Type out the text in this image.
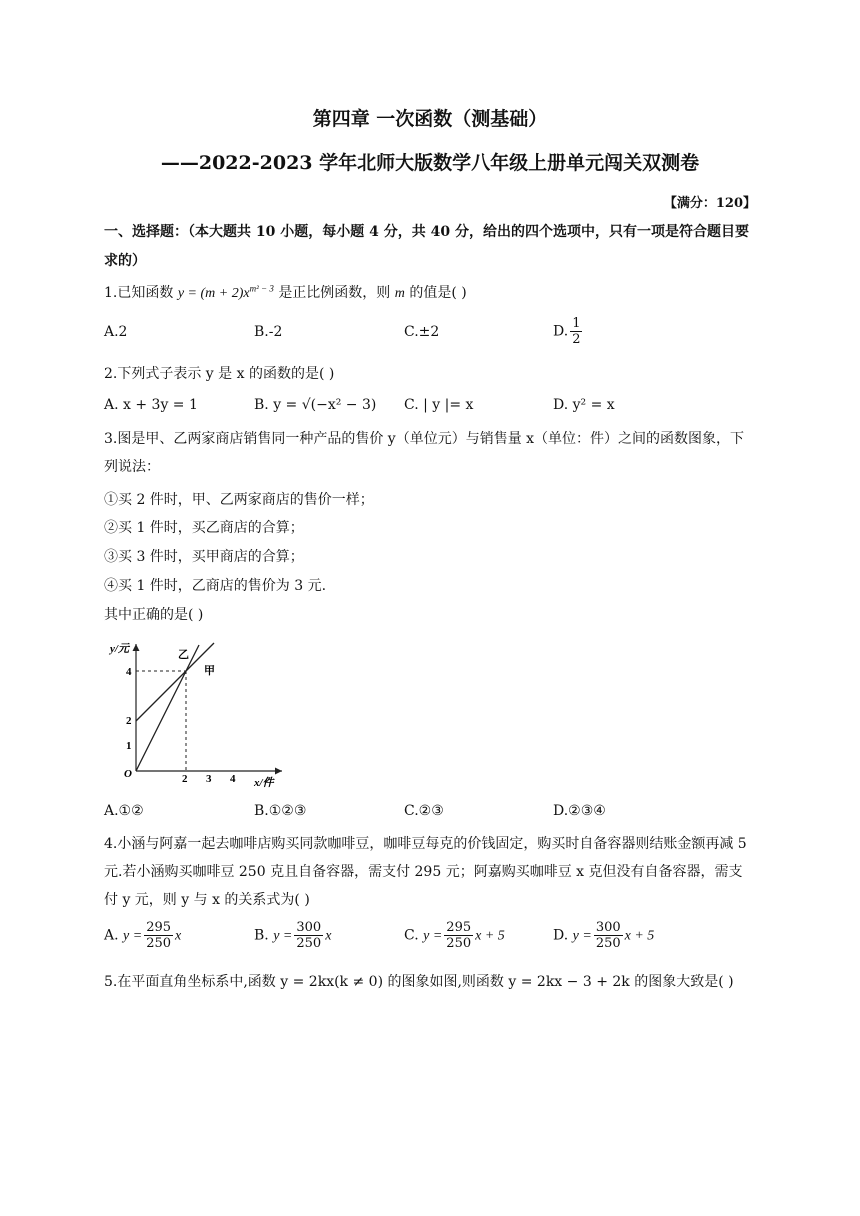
第四章 一次函数（测基础）
——2022-2023 学年北师大版数学八年级上册单元闯关双测卷
【满分：120】
一、选择题：（本大题共 10 小题，每小题 4 分，共 40 分，给出的四个选项中，只有一项是符合题目要求的）
1.已知函数 $y = (m + 2)x^{m^2 - 3}$ 是正比例函数，则 m 的值是( )
A.2	B.-2	C.±2	D. $\frac{1}{2}$
2.下列式子表示 y 是 x 的函数的是( )
A. x + 3y = 1	B. y = √(−x² − 3) C. | y |= x	D. y² = x
3.图是甲、乙两家商店销售同一种产品的售价 y（单位元）与销售量 x（单位：件）之间的函数图象，下列说法：
①买 2 件时，甲、乙两家商店的售价一样；
②买 1 件时，买乙商店的合算；
③买 3 件时，买甲商店的合算；
④买 1 件时，乙商店的售价为 3 元.
其中正确的是( )
y/元
x/件
O
1
2
4
2 3 4
乙
甲
A.①②	B.①②③	C.②③	D.②③④
4.小涵与阿嘉一起去咖啡店购买同款咖啡豆，咖啡豆每克的价钱固定，购买时自备容器则结账金额再减 5 元.若小涵购买咖啡豆 250 克且自备容器，需支付 295 元；阿嘉购买咖啡豆 x 克但没有自备容器，需支付 y 元，则 y 与 x 的关系式为( )
A. $y = \frac{295}{250}$ x	B. $y = \frac{300}{250}$ x	C. $y = \frac{295}{250}$ x + 5	D. $y = \frac{300}{250}$ x + 5
5.在平面直角坐标系中,函数 y = 2kx(k ≠ 0) 的图象如图,则函数 y = 2kx − 3 + 2k 的图象大致是( )
